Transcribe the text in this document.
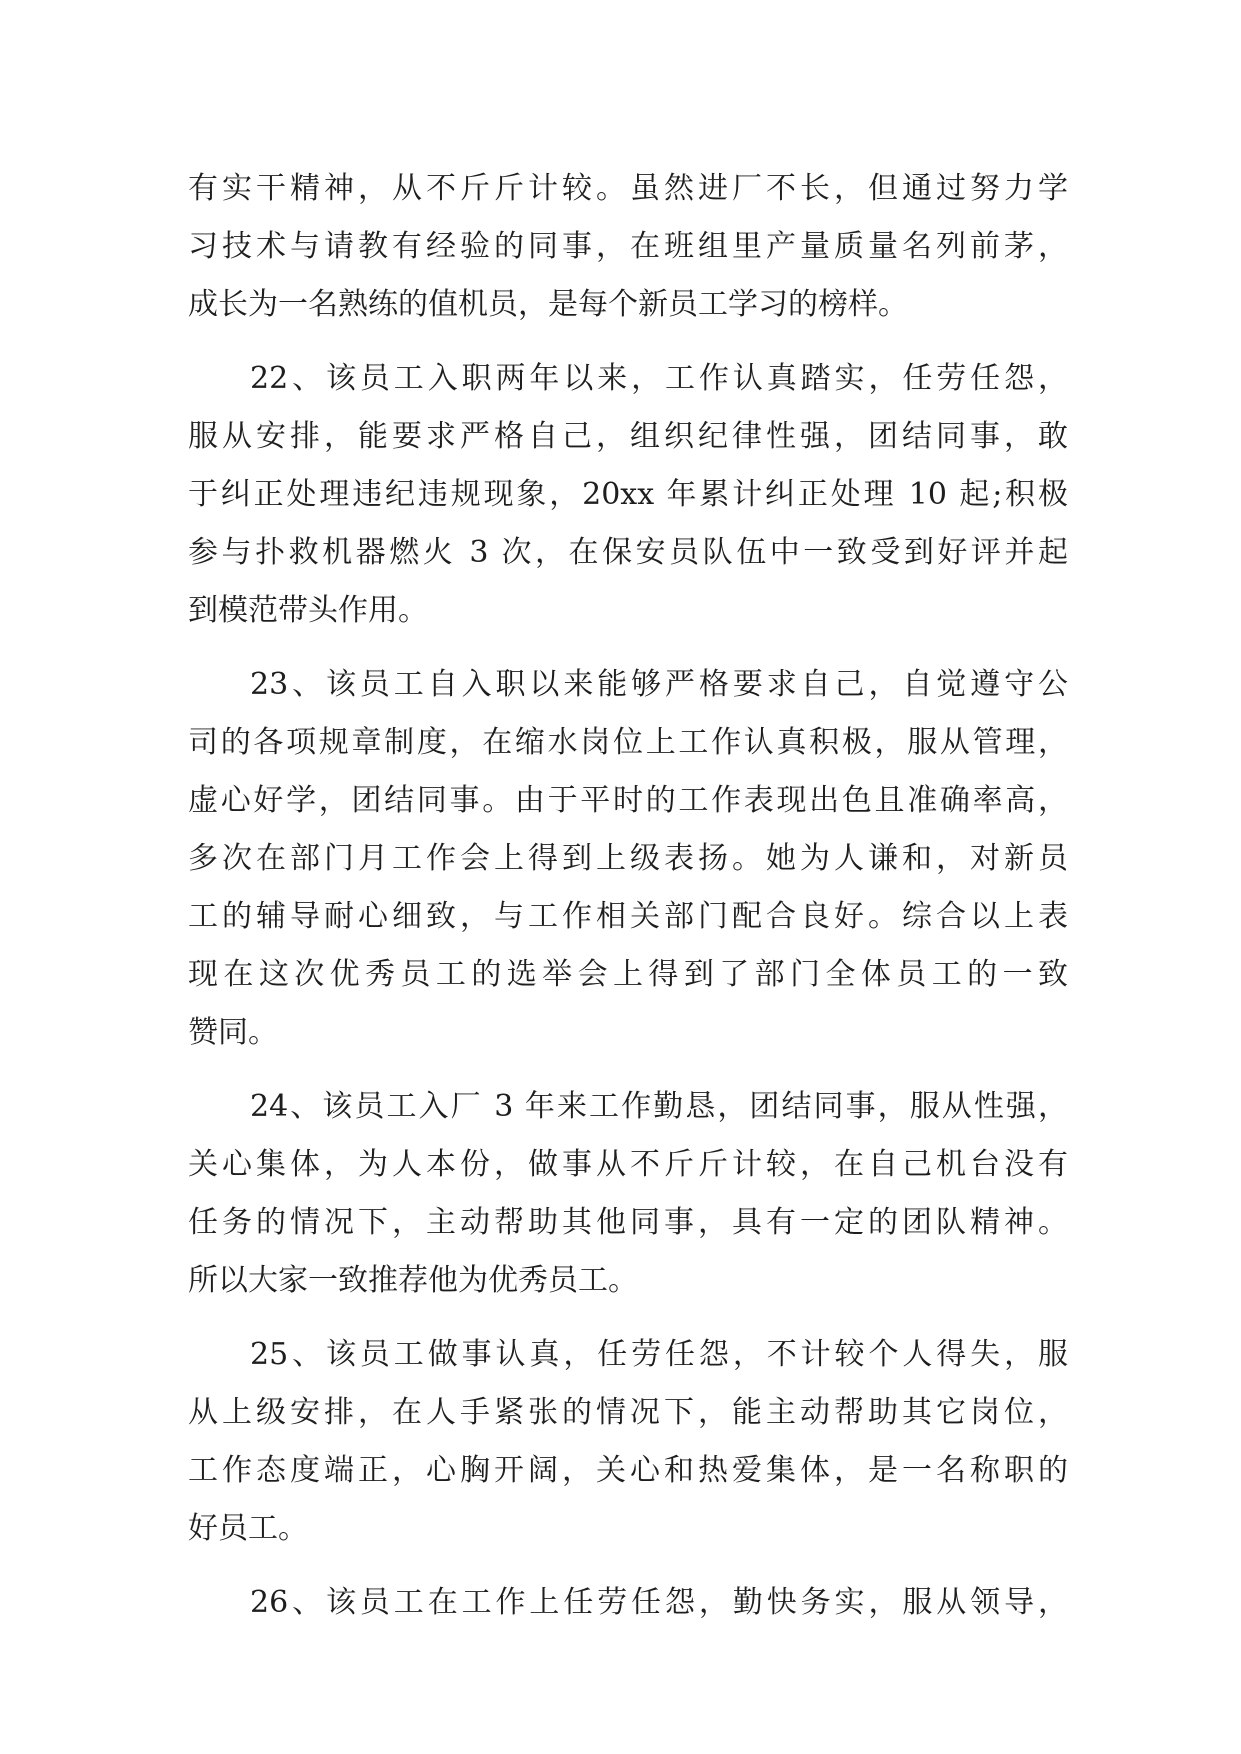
有实干精神，从不斤斤计较。虽然进厂不长，但通过努力学
习技术与请教有经验的同事，在班组里产量质量名列前茅，
成长为一名熟练的值机员，是每个新员工学习的榜样。
22、该员工入职两年以来，工作认真踏实，任劳任怨，
服从安排，能要求严格自己，组织纪律性强，团结同事，敢
于纠正处理违纪违规现象，20xx 年累计纠正处理 10 起;积极
参与扑救机器燃火 3 次，在保安员队伍中一致受到好评并起
到模范带头作用。
23、该员工自入职以来能够严格要求自己，自觉遵守公
司的各项规章制度，在缩水岗位上工作认真积极，服从管理，
虚心好学，团结同事。由于平时的工作表现出色且准确率高，
多次在部门月工作会上得到上级表扬。她为人谦和，对新员
工的辅导耐心细致，与工作相关部门配合良好。综合以上表
现在这次优秀员工的选举会上得到了部门全体员工的一致
赞同。
24、该员工入厂 3 年来工作勤恳，团结同事，服从性强，
关心集体，为人本份，做事从不斤斤计较，在自己机台没有
任务的情况下，主动帮助其他同事，具有一定的团队精神。
所以大家一致推荐他为优秀员工。
25、该员工做事认真，任劳任怨，不计较个人得失，服
从上级安排，在人手紧张的情况下，能主动帮助其它岗位，
工作态度端正，心胸开阔，关心和热爱集体，是一名称职的
好员工。
26、该员工在工作上任劳任怨，勤快务实，服从领导，
